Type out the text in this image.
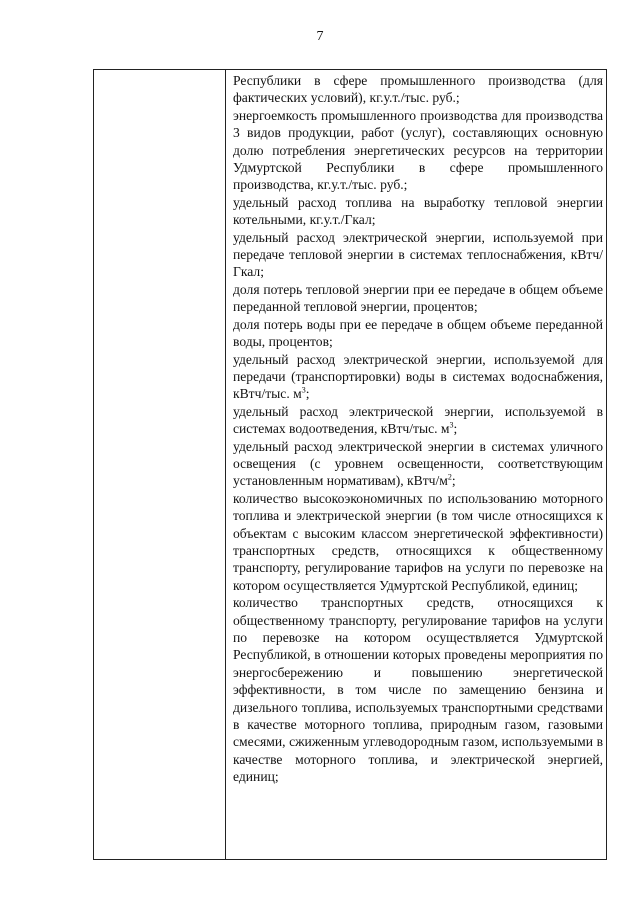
7

Республики в сфере промышленного производства (для фактических условий), кг.у.т./тыс. руб.;

энергоемкость промышленного производства для производства 3 видов продукции, работ (услуг), составляющих основную долю потребления энергетических ресурсов на территории Удмуртской Республики в сфере промышленного производства, кг.у.т./тыс. руб.;

удельный расход топлива на выработку тепловой энергии котельными, кг.у.т./Гкал;

удельный расход электрической энергии, используемой при передаче тепловой энергии в системах теплоснабжения, кВтч/Гкал;

доля потерь тепловой энергии при ее передаче в общем объеме переданной тепловой энергии, процентов;

доля потерь воды при ее передаче в общем объеме переданной воды, процентов;

удельный расход электрической энергии, используемой для передачи (транспортировки) воды в системах водоснабжения, кВтч/тыс. $м^3$;

удельный расход электрической энергии, используемой в системах водоотведения, кВтч/тыс. $м^3$;

удельный расход электрической энергии в системах уличного освещения (с уровнем освещенности, соответствующим установленным нормативам), кВтч/$м^2$;

количество высокоэкономичных по использованию моторного топлива и электрической энергии (в том числе относящихся к объектам с высоким классом энергетической эффективности) транспортных средств, относящихся к общественному транспорту, регулирование тарифов на услуги по перевозке на котором осуществляется Удмуртской Республикой, единиц;

количество транспортных средств, относящихся к общественному транспорту, регулирование тарифов на услуги по перевозке на котором осуществляется Удмуртской Республикой, в отношении которых проведены мероприятия по энергосбережению и повышению энергетической эффективности, в том числе по замещению бензина и дизельного топлива, используемых транспортными средствами в качестве моторного топлива, природным газом, газовыми смесями, сжиженным углеводородным газом, используемыми в качестве моторного топлива, и электрической энергией, единиц;
